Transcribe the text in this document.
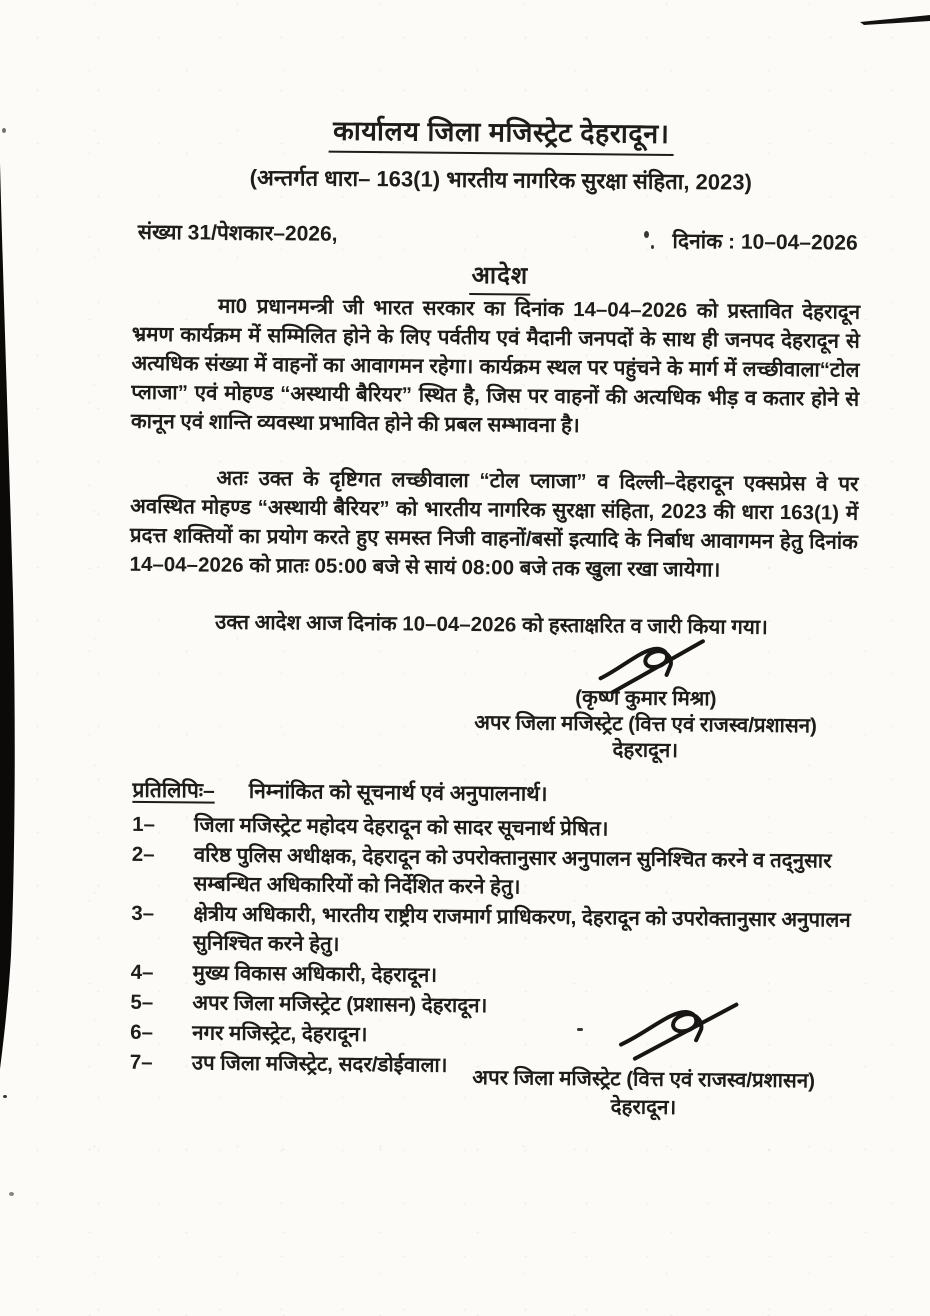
कार्यालय जिला मजिस्ट्रेट देहरादून।
(अन्तर्गत धारा– 163(1) भारतीय नागरिक सुरक्षा संहिता, 2023)
संख्या 31/पेशकार–2026,	दिनांक : 10–04–2026
आदेश
मा0 प्रधानमन्त्री जी भारत सरकार का दिनांक 14–04–2026 को प्रस्तावित देहरादून भ्रमण कार्यक्रम में सम्मिलित होने के लिए पर्वतीय एवं मैदानी जनपदों के साथ ही जनपद देहरादून से अत्यधिक संख्या में वाहनों का आवागमन रहेगा। कार्यक्रम स्थल पर पहुंचने के मार्ग में लच्छीवाला“टोल प्लाजा” एवं मोहण्ड “अस्थायी बैरियर” स्थित है, जिस पर वाहनों की अत्यधिक भीड़ व कतार होने से कानून एवं शान्ति व्यवस्था प्रभावित होने की प्रबल सम्भावना है।
अतः उक्त के दृष्टिगत लच्छीवाला “टोल प्लाजा” व दिल्ली–देहरादून एक्सप्रेस वे पर अवस्थित मोहण्ड “अस्थायी बैरियर” को भारतीय नागरिक सुरक्षा संहिता, 2023 की धारा 163(1) में प्रदत्त शक्तियों का प्रयोग करते हुए समस्त निजी वाहनों/बसों इत्यादि के निर्बाध आवागमन हेतु दिनांक 14–04–2026 को प्रातः 05:00 बजे से सायं 08:00 बजे तक खुला रखा जायेगा।
उक्त आदेश आज दिनांक 10–04–2026 को हस्ताक्षरित व जारी किया गया।
(कृष्ण कुमार मिश्रा)
अपर जिला मजिस्ट्रेट (वित्त एवं राजस्व/प्रशासन)
देहरादून।
प्रतिलिपिः– निम्नांकित को सूचनार्थ एवं अनुपालनार्थ।
1–	जिला मजिस्ट्रेट महोदय देहरादून को सादर सूचनार्थ प्रेषित।
2–	वरिष्ठ पुलिस अधीक्षक, देहरादून को उपरोक्तानुसार अनुपालन सुनिश्चित करने व तद्नुसार सम्बन्धित अधिकारियों को निर्देशित करने हेतु।
3–	क्षेत्रीय अधिकारी, भारतीय राष्ट्रीय राजमार्ग प्राधिकरण, देहरादून को उपरोक्तानुसार अनुपालन सुनिश्चित करने हेतु।
4–	मुख्य विकास अधिकारी, देहरादून।
5–	अपर जिला मजिस्ट्रेट (प्रशासन) देहरादून।
6–	नगर मजिस्ट्रेट, देहरादून।
7–	उप जिला मजिस्ट्रेट, सदर/डोईवाला।
अपर जिला मजिस्ट्रेट (वित्त एवं राजस्व/प्रशासन)
देहरादून।
